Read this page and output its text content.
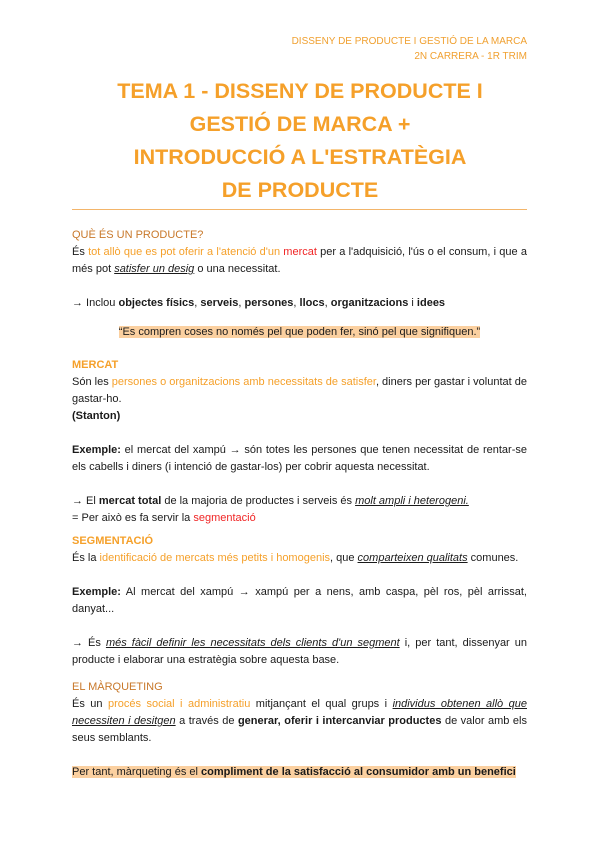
DISSENY DE PRODUCTE I GESTIÓ DE LA MARCA
2N CARRERA - 1R TRIM
TEMA 1 - DISSENY DE PRODUCTE I
GESTIÓ DE MARCA +
INTRODUCCIÓ A L'ESTRATÈGIA
DE PRODUCTE
QUÈ ÉS UN PRODUCTE?
És tot allò que es pot oferir a l'atenció d'un mercat per a l'adquisició, l'ús o el consum, i que a més pot satisfer un desig o una necessitat.
→ Inclou objectes físics, serveis, persones, llocs, organitzacions i idees
“Es compren coses no només pel que poden fer, sinó pel que signifiquen.”
MERCAT
Són les persones o organitzacions amb necessitats de satisfer, diners per gastar i voluntat de gastar-ho.
(Stanton)
Exemple: el mercat del xampú → són totes les persones que tenen necessitat de rentar-se els cabells i diners (i intenció de gastar-los) per cobrir aquesta necessitat.
→ El mercat total de la majoria de productes i serveis és molt ampli i heterogeni.
= Per això es fa servir la segmentació
SEGMENTACIÓ
És la identificació de mercats més petits i homogenis, que comparteixen qualitats comunes.
Exemple: Al mercat del xampú → xampú per a nens, amb caspa, pèl ros, pèl arrissat, danyat...
→ És més fàcil definir les necessitats dels clients d'un segment i, per tant, dissenyar un producte i elaborar una estratègia sobre aquesta base.
EL MÀRQUETING
És un procés social i administratiu mitjançant el qual grups i individus obtenen allò que necessiten i desitgen a través de generar, oferir i intercanviar productes de valor amb els seus semblants.
Per tant, màrqueting és el compliment de la satisfacció al consumidor amb un benefici
